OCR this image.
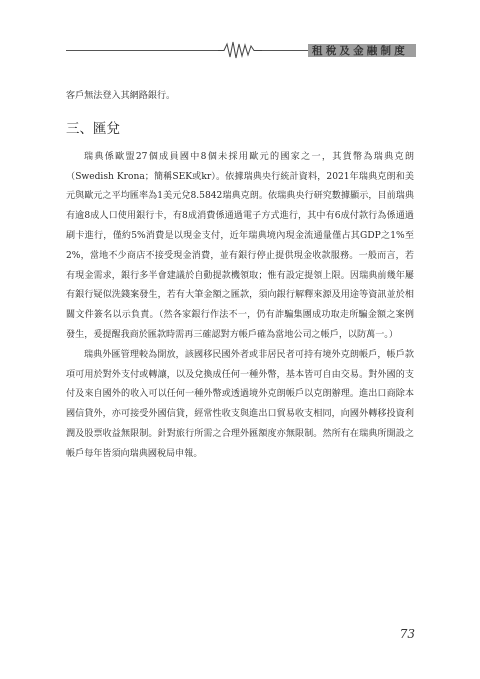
租稅及金融制度

客戶無法登入其網路銀行。

三、匯兌

瑞典係歐盟27個成員國中8個未採用歐元的國家之一，其貨幣為瑞典克朗（Swedish Krona；簡稱SEK或kr）。依據瑞典央行統計資料，2021年瑞典克朗和美元與歐元之平均匯率為1美元兌8.5842瑞典克朗。依瑞典央行研究數據顯示，目前瑞典有逾8成人口使用銀行卡，有8成消費係通過電子方式進行，其中有6成付款行為係通過刷卡進行，僅約5%消費是以現金支付，近年瑞典境內現金流通量僅占其GDP之1%至2%，當地不少商店不接受現金消費，並有銀行停止提供現金收款服務。一般而言，若有現金需求，銀行多半會建議於自動提款機領取；惟有設定提領上限。因瑞典前幾年屢有銀行疑似洗錢案發生，若有大筆金額之匯款，須向銀行解釋來源及用途等資訊並於相關文件簽名以示負責。（然各家銀行作法不一，仍有詐騙集團成功取走所騙金額之案例發生，爰提醒我商於匯款時需再三確認對方帳戶確為當地公司之帳戶，以防萬一。）

瑞典外匯管理較為開放，該國移民國外者或非居民者可持有境外克朗帳戶，帳戶款項可用於對外支付或轉讓，以及兌換成任何一種外幣，基本皆可自由交易。對外國的支付及來自國外的收入可以任何一種外幣或透過境外克朗帳戶以克朗辦理。進出口商除本國信貸外，亦可接受外國信貸，經常性收支與進出口貿易收支相同，向國外轉移投資利潤及股票收益無限制。針對旅行所需之合理外匯額度亦無限制。然所有在瑞典所開設之帳戶每年皆須向瑞典國稅局申報。

73
